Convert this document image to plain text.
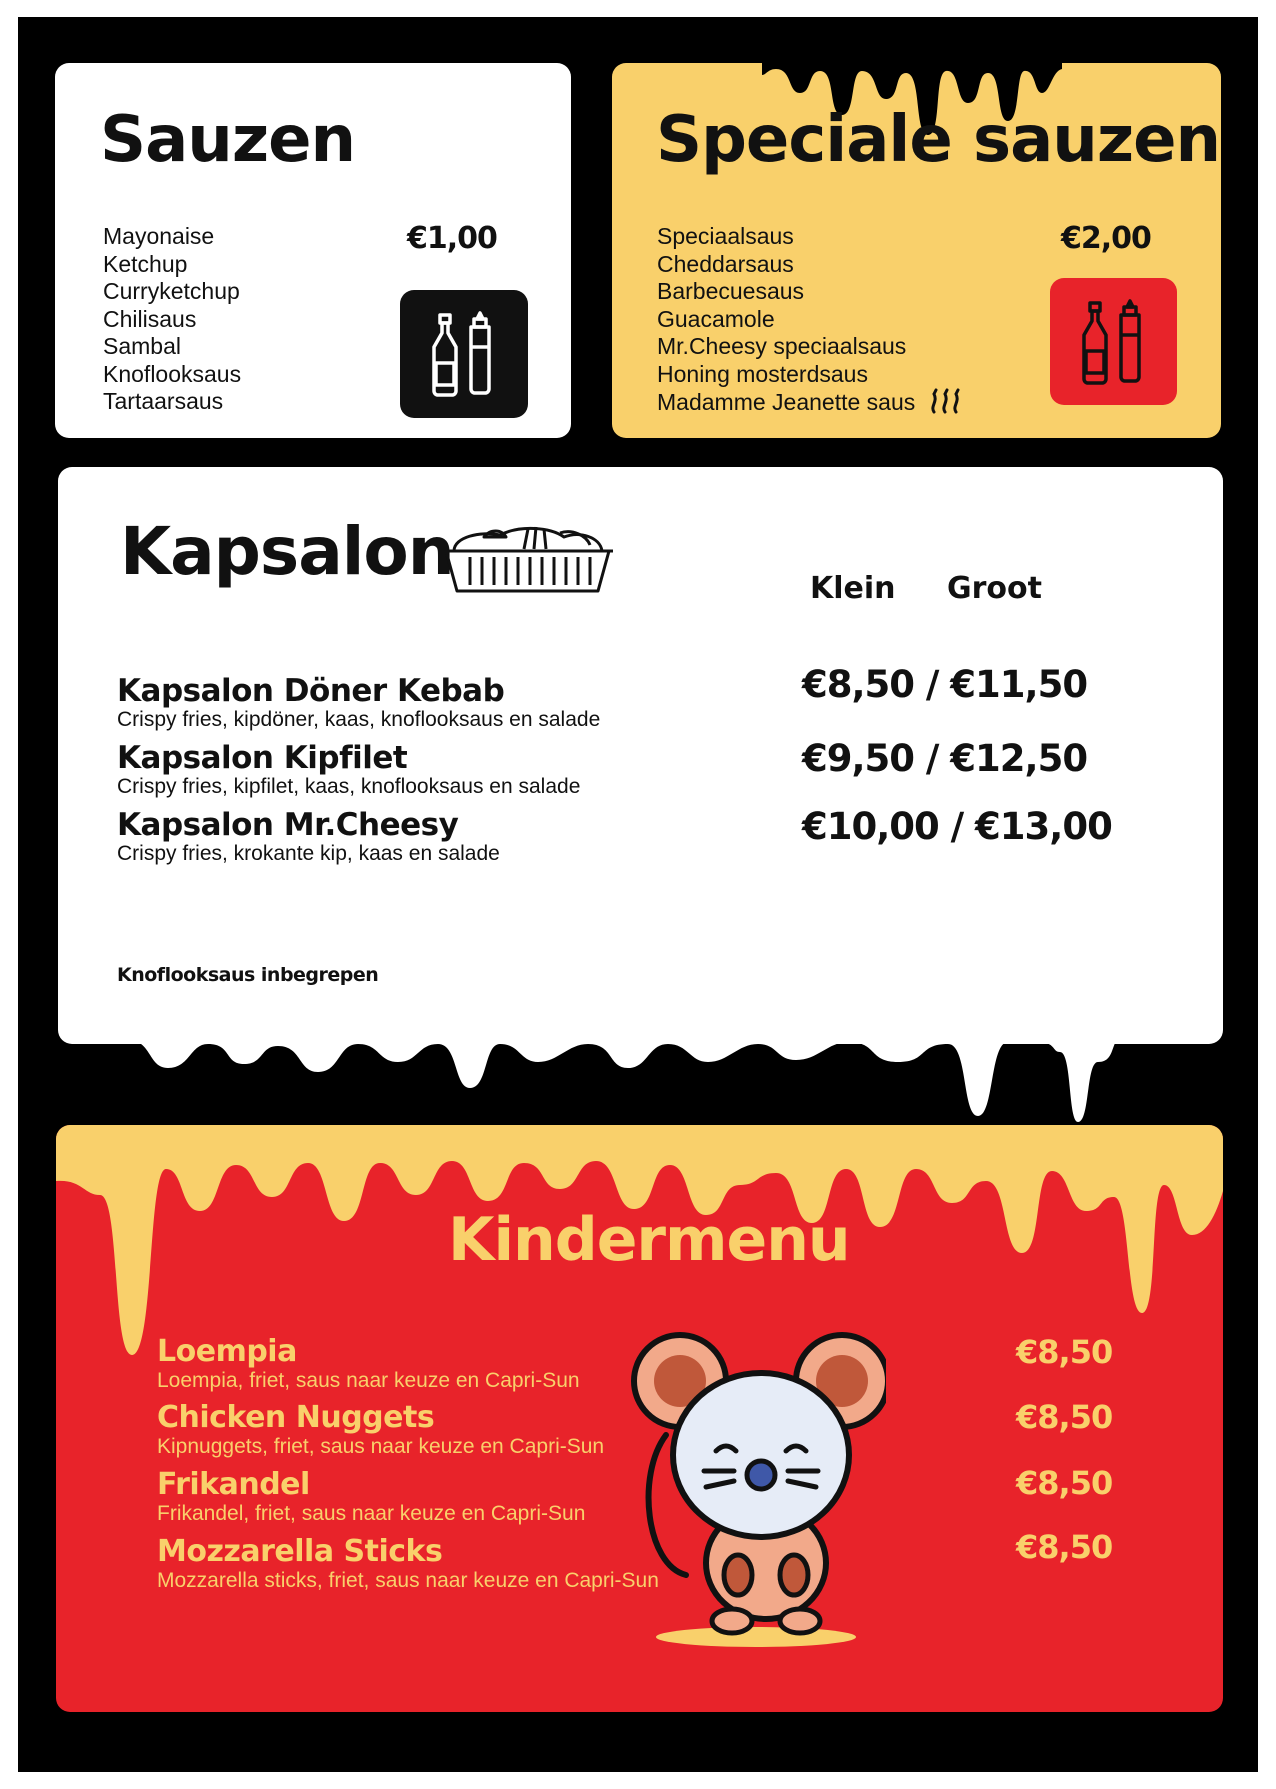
Sauzen
Mayonaise
Ketchup
Curryketchup
Chilisaus
Sambal
Knoflooksaus
Tartaarsaus
€1,00
Speciale sauzen
Speciaalsaus
Cheddarsaus
Barbecuesaus
Guacamole
Mr.Cheesy speciaalsaus
Honing mosterdsaus
Madamme Jeanette saus
€2,00
Kapsalon	Klein Groot
Kapsalon Döner Kebab
Crispy fries, kipdöner, kaas, knoflooksaus en salade
Kapsalon Kipfilet
Crispy fries, kipfilet, kaas, knoflooksaus en salade
Kapsalon Mr.Cheesy
Crispy fries, krokante kip, kaas en salade
€8,50 / €11,50
€9,50 / €12,50
€10,00 / €13,00
Knoflooksaus inbegrepen
Kindermenu
Loempia
Loempia, friet, saus naar keuze en Capri-Sun
Chicken Nuggets
Kipnuggets, friet, saus naar keuze en Capri-Sun
Frikandel
Frikandel, friet, saus naar keuze en Capri-Sun
Mozzarella Sticks
Mozzarella sticks, friet, saus naar keuze en Capri-Sun
€8,50
€8,50
€8,50
€8,50
